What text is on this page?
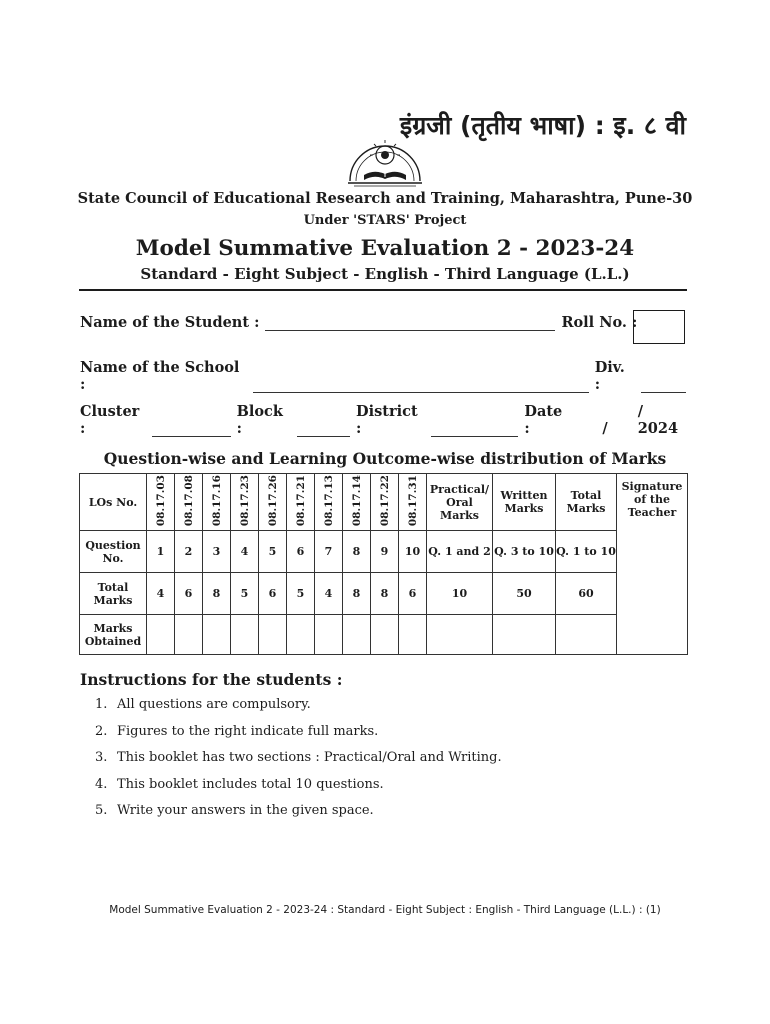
इंग्रजी (तृतीय भाषा) : इ. ८ वी
State Council of Educational Research and Training, Maharashtra, Pune-30
Under 'STARS' Project
Model Summative Evaluation 2 - 2023-24
Standard - Eight Subject - English - Third Language (L.L.)
Name of the Student :	Roll No. :
Name of the School :
Div. :
Cluster :
Block :
District :
Date :	/
/ 2024
Question-wise and Learning Outcome-wise distribution of Marks
LOs No.	08.17.03	08.17.08	08.17.16	08.17.23	08.17.26	08.17.21	08.17.13	08.17.14	08.17.22	08.17.31	Practical/ Oral Marks	Written Marks	Total Marks	Signature of the Teacher
Question No.	1	2	3	4	5	6	7	8	9	10	Q. 1 and 2	Q. 3 to 10	Q. 1 to 10	
Total Marks	4	6	8	5	6	5	4	8	8	6	10	50	60	
Marks Obtained														
Instructions for the students :
1. All questions are compulsory.
2. Figures to the right indicate full marks.
3. This booklet has two sections : Practical/Oral and Writing.
4. This booklet includes total 10 questions.
5. Write your answers in the given space.
Model Summative Evaluation 2 - 2023-24 : Standard - Eight Subject : English - Third Language (L.L.) : (1)
